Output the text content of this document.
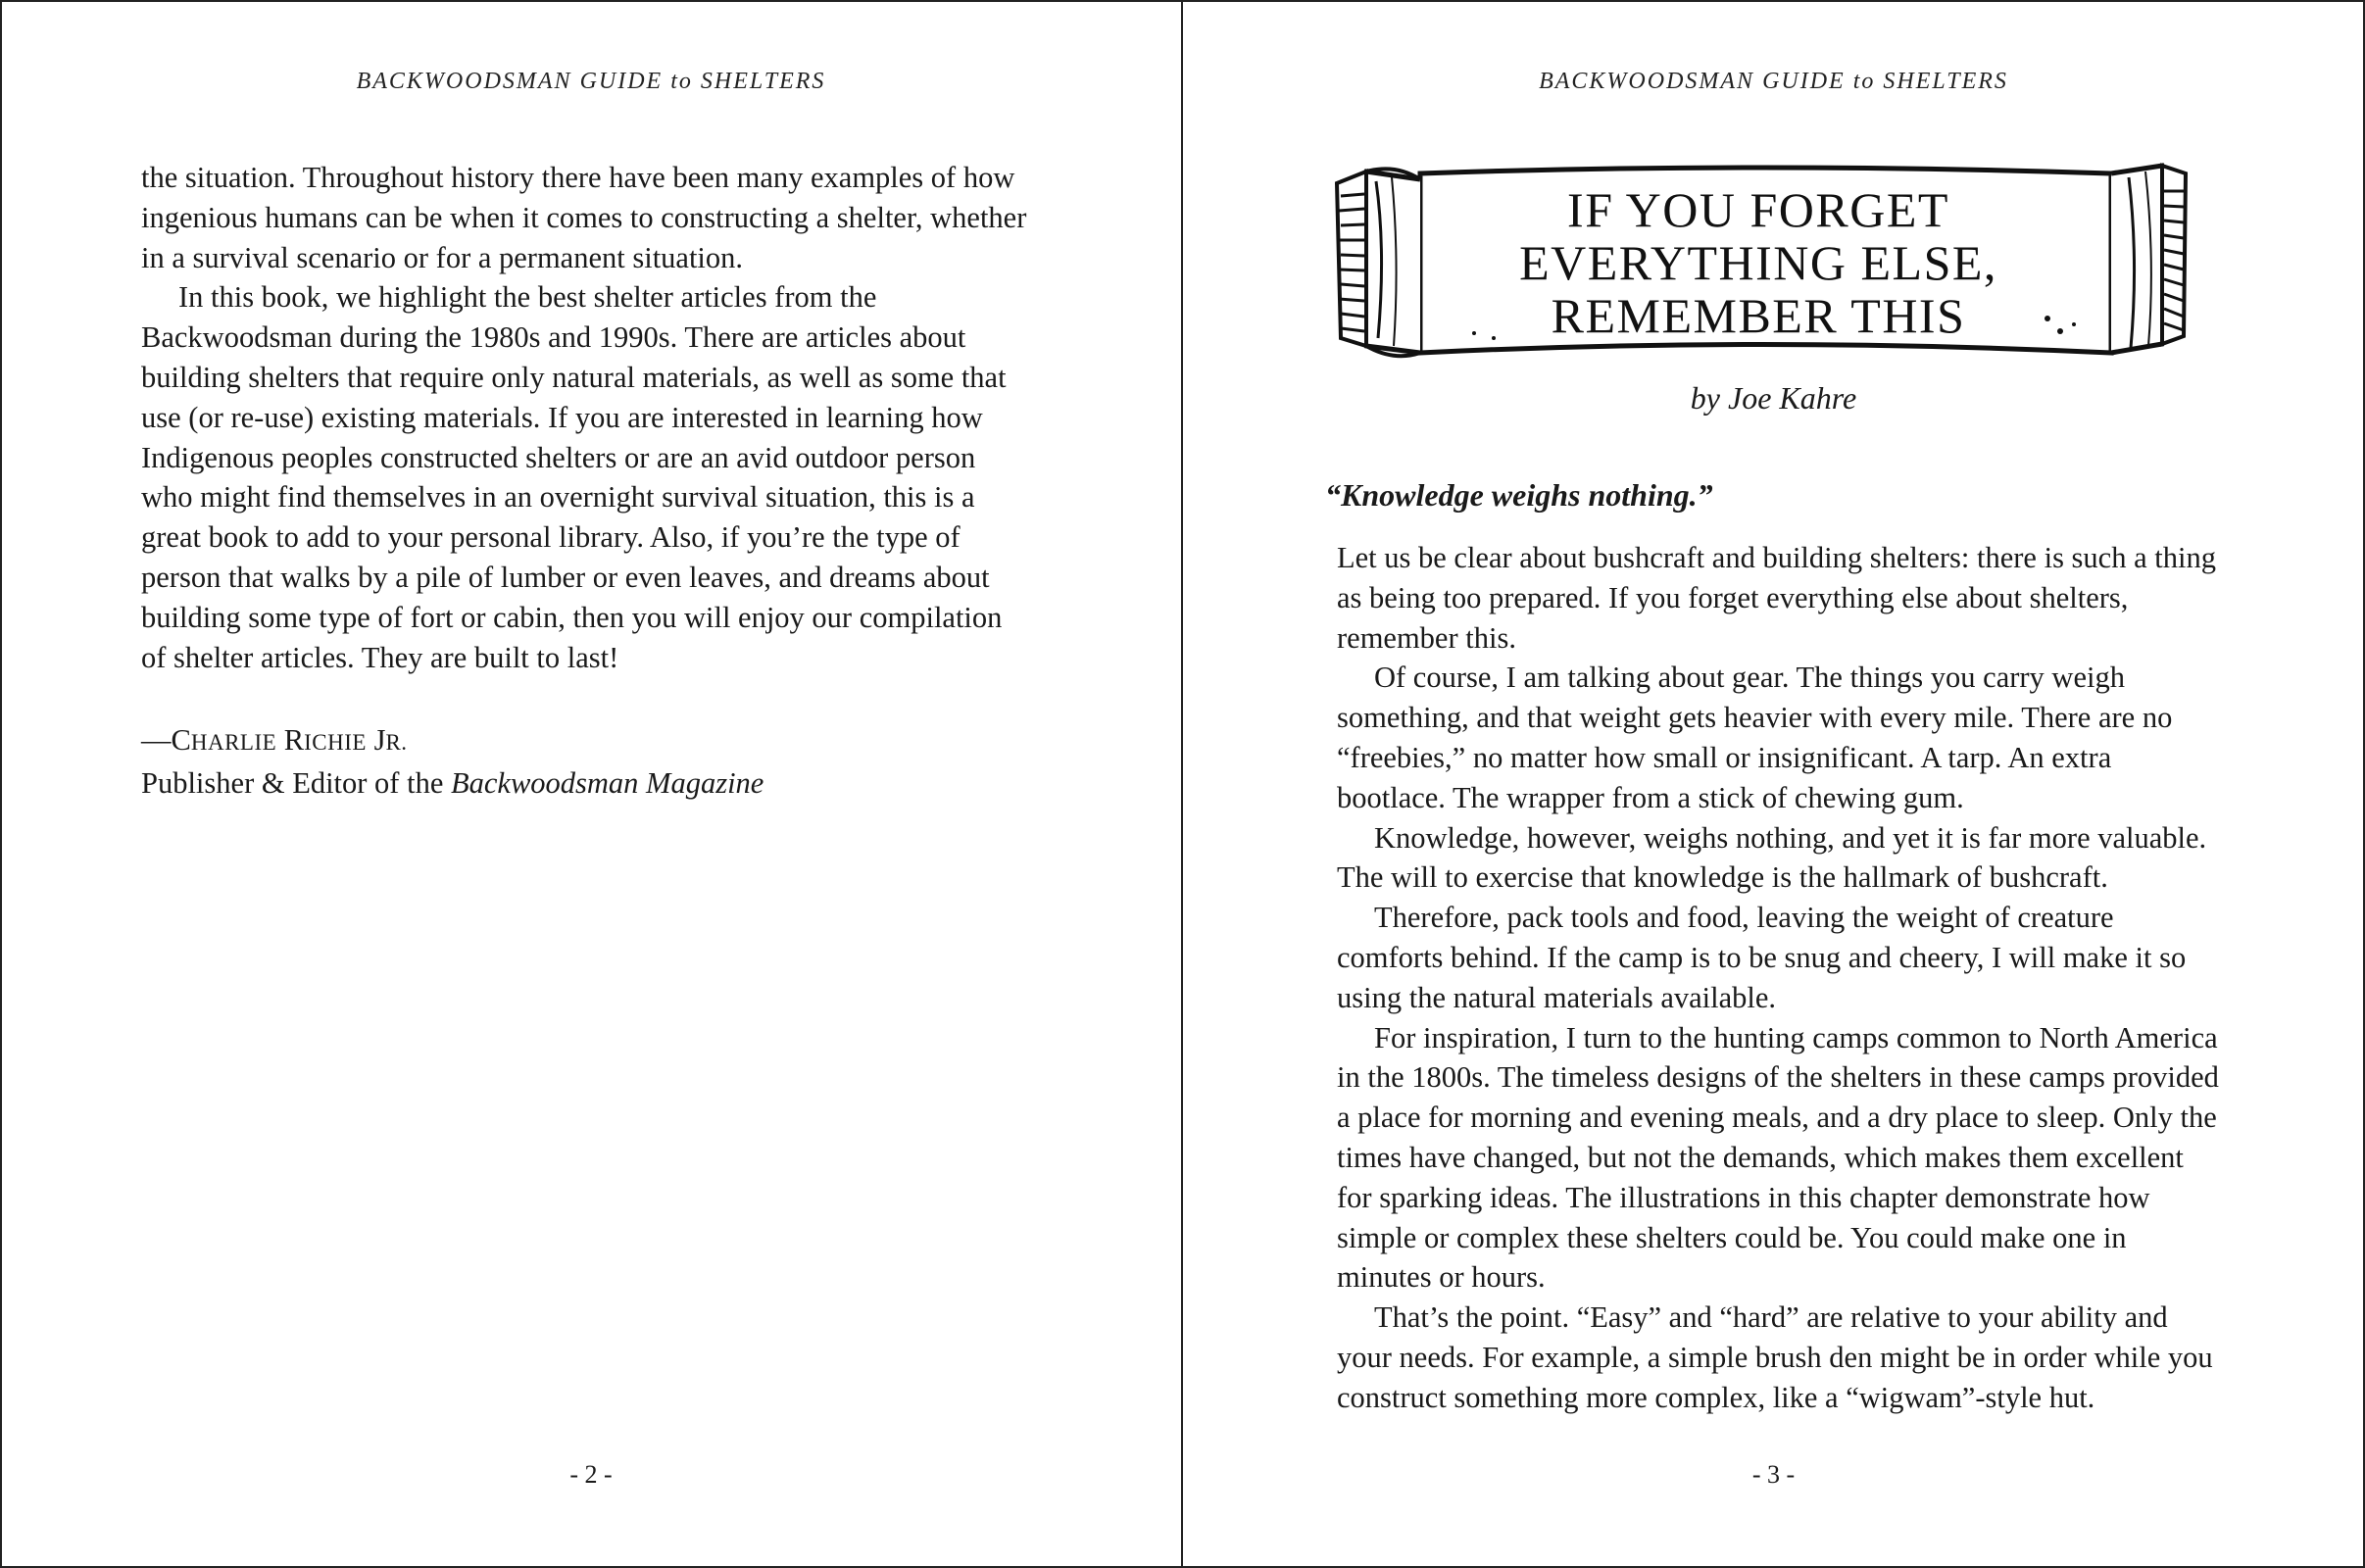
BACKWOODSMAN GUIDE to SHELTERS

the situation. Throughout history there have been many examples of how ingenious humans can be when it comes to constructing a shelter, whether in a survival scenario or for a permanent situation.

In this book, we highlight the best shelter articles from the Backwoodsman during the 1980s and 1990s. There are articles about building shelters that require only natural materials, as well as some that use (or re-use) existing materials. If you are interested in learning how Indigenous peoples constructed shelters or are an avid outdoor person who might find themselves in an overnight survival situation, this is a great book to add to your personal library. Also, if you’re the type of person that walks by a pile of lumber or even leaves, and dreams about building some type of fort or cabin, then you will enjoy our compilation of shelter articles. They are built to last!

—CHARLIE RICHIE JR.
Publisher & Editor of the Backwoodsman Magazine
- 2 -
BACKWOODSMAN GUIDE to SHELTERS
IF YOU FORGET
EVERYTHING ELSE,
REMEMBER THIS
by Joe Kahre
“Knowledge weighs nothing.”

Let us be clear about bushcraft and building shelters: there is such a thing as being too prepared. If you forget everything else about shelters, remember this.

Of course, I am talking about gear. The things you carry weigh something, and that weight gets heavier with every mile. There are no “freebies,” no matter how small or insignificant. A tarp. An extra bootlace. The wrapper from a stick of chewing gum.

Knowledge, however, weighs nothing, and yet it is far more valuable. The will to exercise that knowledge is the hallmark of bushcraft.

Therefore, pack tools and food, leaving the weight of creature comforts behind. If the camp is to be snug and cheery, I will make it so using the natural materials available.

For inspiration, I turn to the hunting camps common to North America in the 1800s. The timeless designs of the shelters in these camps provided a place for morning and evening meals, and a dry place to sleep. Only the times have changed, but not the demands, which makes them excellent for sparking ideas. The illustrations in this chapter demonstrate how simple or complex these shelters could be. You could make one in minutes or hours.

That’s the point. “Easy” and “hard” are relative to your ability and your needs. For example, a simple brush den might be in order while you construct something more complex, like a “wigwam”-style hut.

- 3 -
